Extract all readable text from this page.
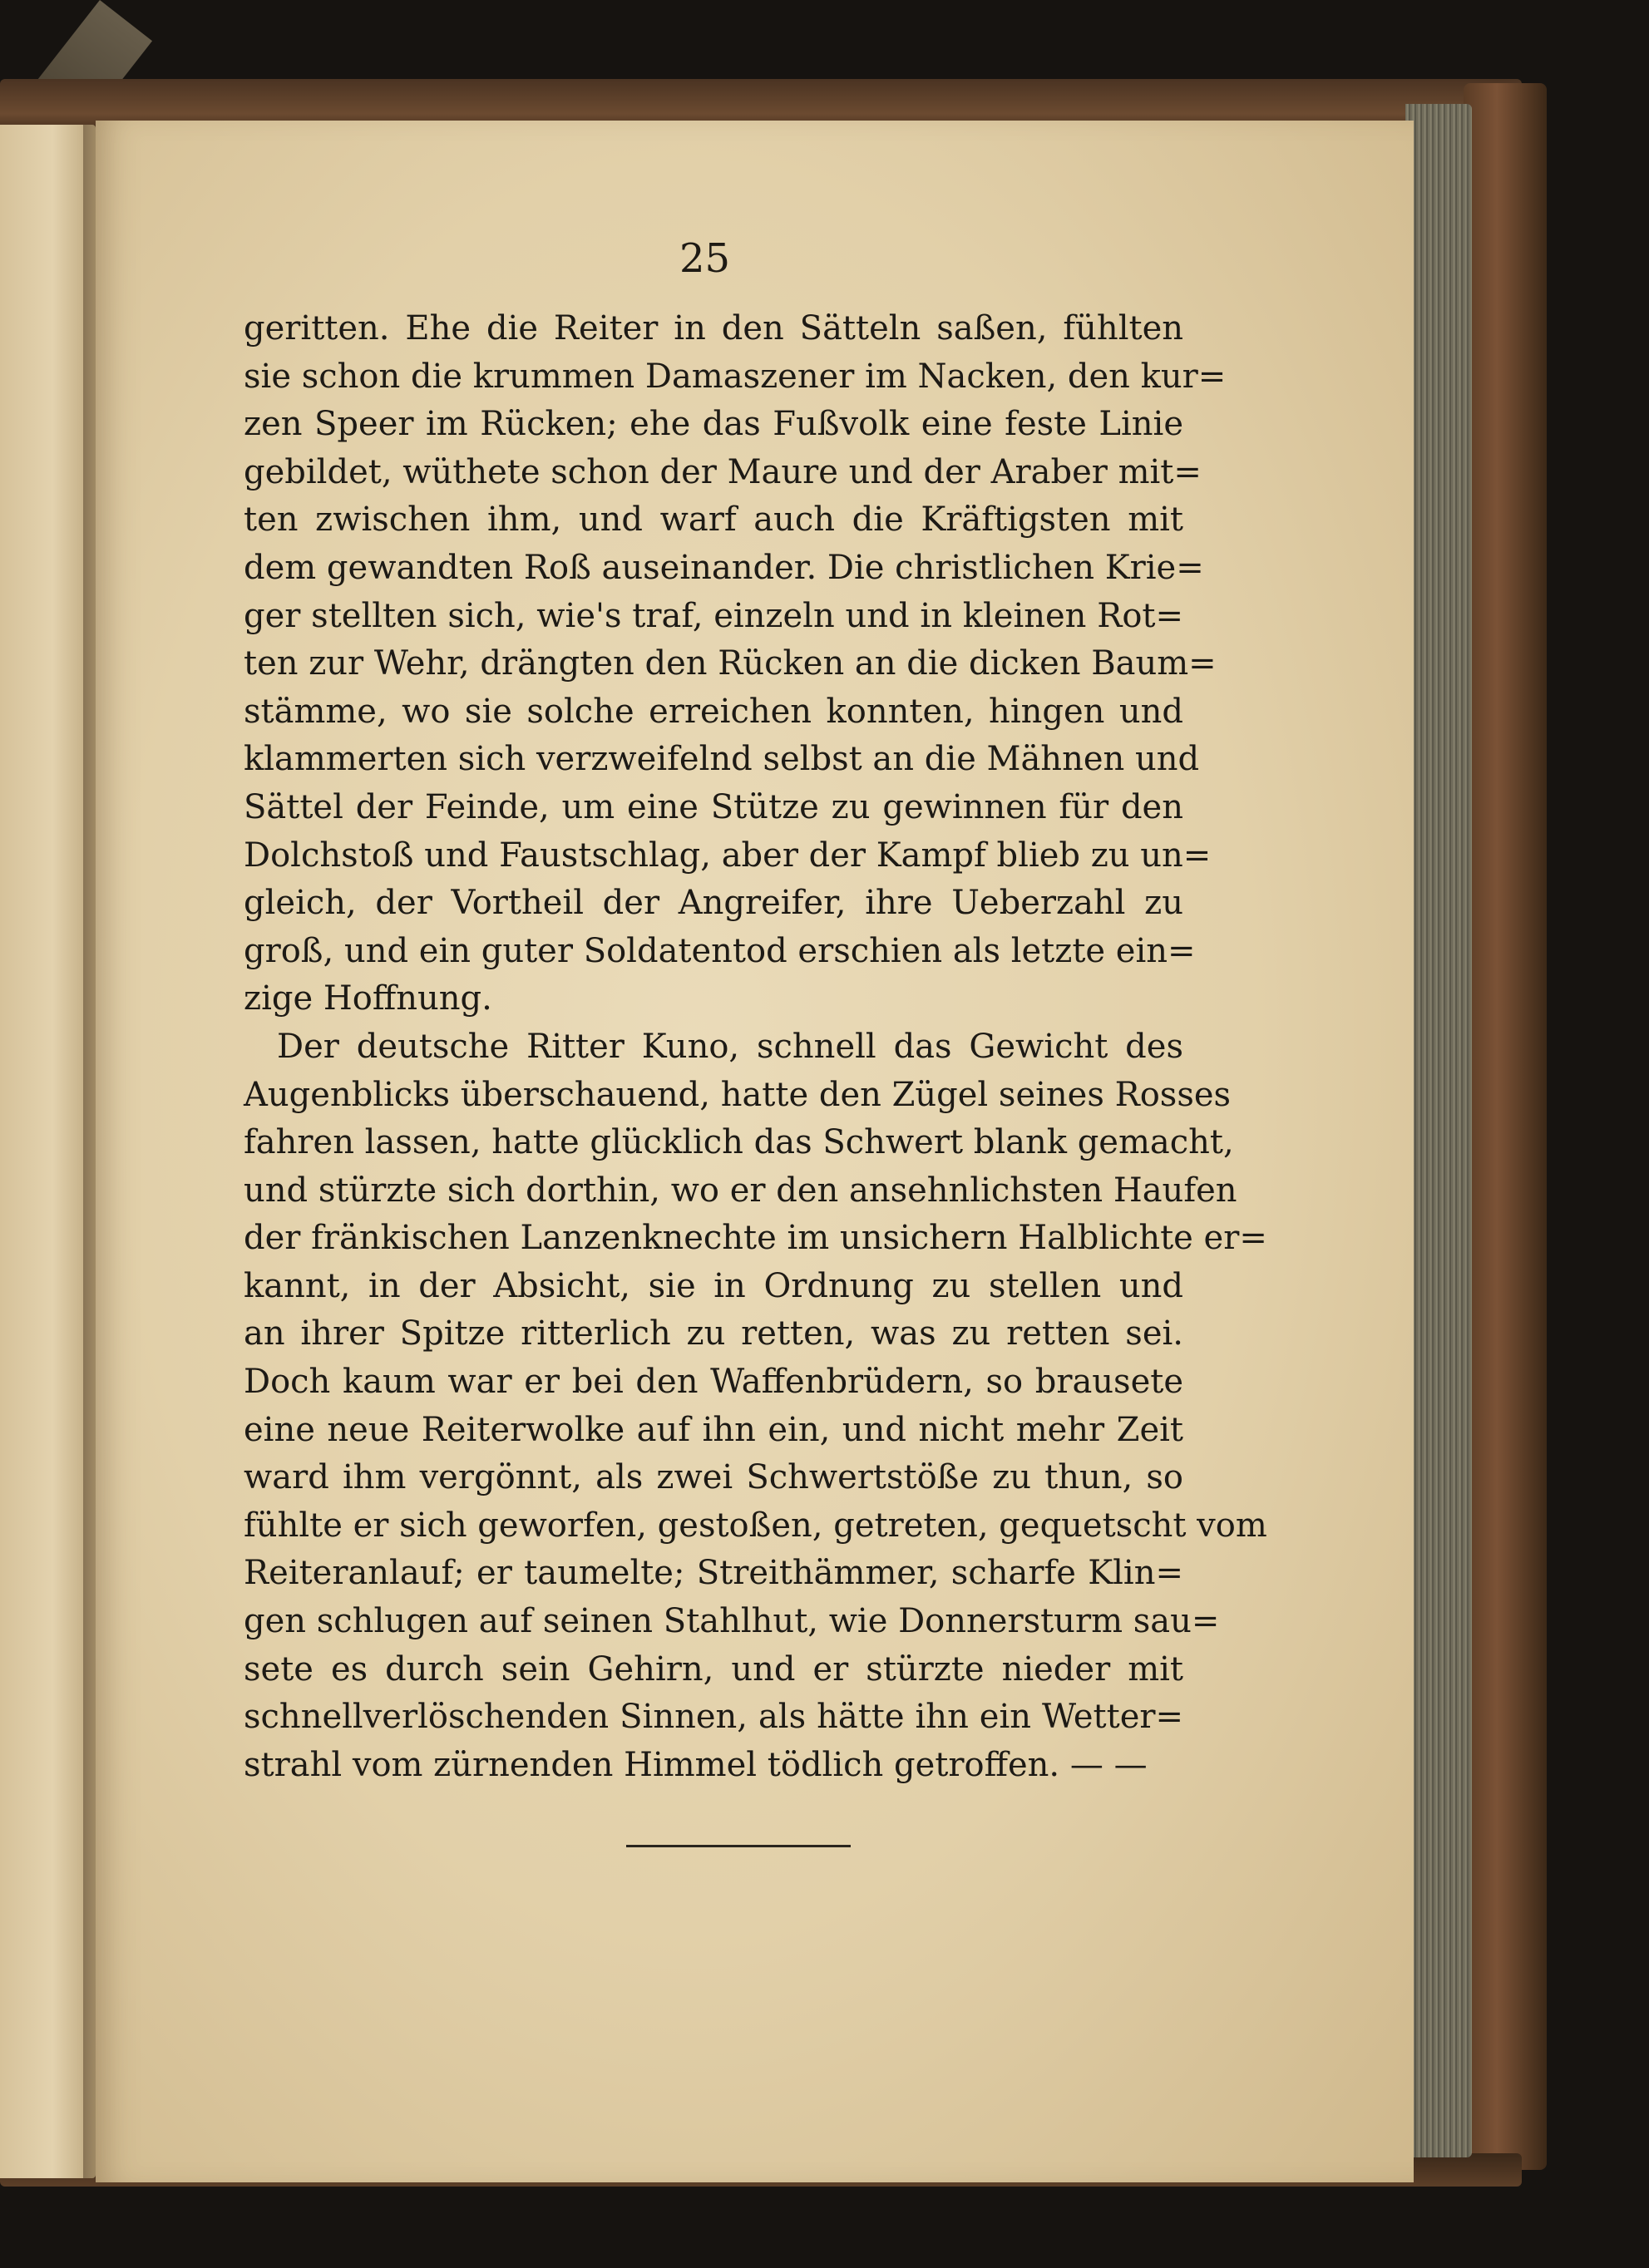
25
geritten. Ehe die Reiter in den Sätteln saßen, fühlten
sie schon die krummen Damaszener im Nacken, den kur=
zen Speer im Rücken; ehe das Fußvolk eine feste Linie
gebildet, wüthete schon der Maure und der Araber mit=
ten zwischen ihm, und warf auch die Kräftigsten mit
dem gewandten Roß auseinander. Die christlichen Krie=
ger stellten sich, wie's traf, einzeln und in kleinen Rot=
ten zur Wehr, drängten den Rücken an die dicken Baum=
stämme, wo sie solche erreichen konnten, hingen und
klammerten sich verzweifelnd selbst an die Mähnen und
Sättel der Feinde, um eine Stütze zu gewinnen für den
Dolchstoß und Faustschlag, aber der Kampf blieb zu un=
gleich, der Vortheil der Angreifer, ihre Ueberzahl zu
groß, und ein guter Soldatentod erschien als letzte ein=
zige Hoffnung.
Der deutsche Ritter Kuno, schnell das Gewicht des
Augenblicks überschauend, hatte den Zügel seines Rosses
fahren lassen, hatte glücklich das Schwert blank gemacht,
und stürzte sich dorthin, wo er den ansehnlichsten Haufen
der fränkischen Lanzenknechte im unsichern Halblichte er=
kannt, in der Absicht, sie in Ordnung zu stellen und
an ihrer Spitze ritterlich zu retten, was zu retten sei.
Doch kaum war er bei den Waffenbrüdern, so brausete
eine neue Reiterwolke auf ihn ein, und nicht mehr Zeit
ward ihm vergönnt, als zwei Schwertstöße zu thun, so
fühlte er sich geworfen, gestoßen, getreten, gequetscht vom
Reiteranlauf; er taumelte; Streithämmer, scharfe Klin=
gen schlugen auf seinen Stahlhut, wie Donnersturm sau=
sete es durch sein Gehirn, und er stürzte nieder mit
schnellverlöschenden Sinnen, als hätte ihn ein Wetter=
strahl vom zürnenden Himmel tödlich getroffen. — —
